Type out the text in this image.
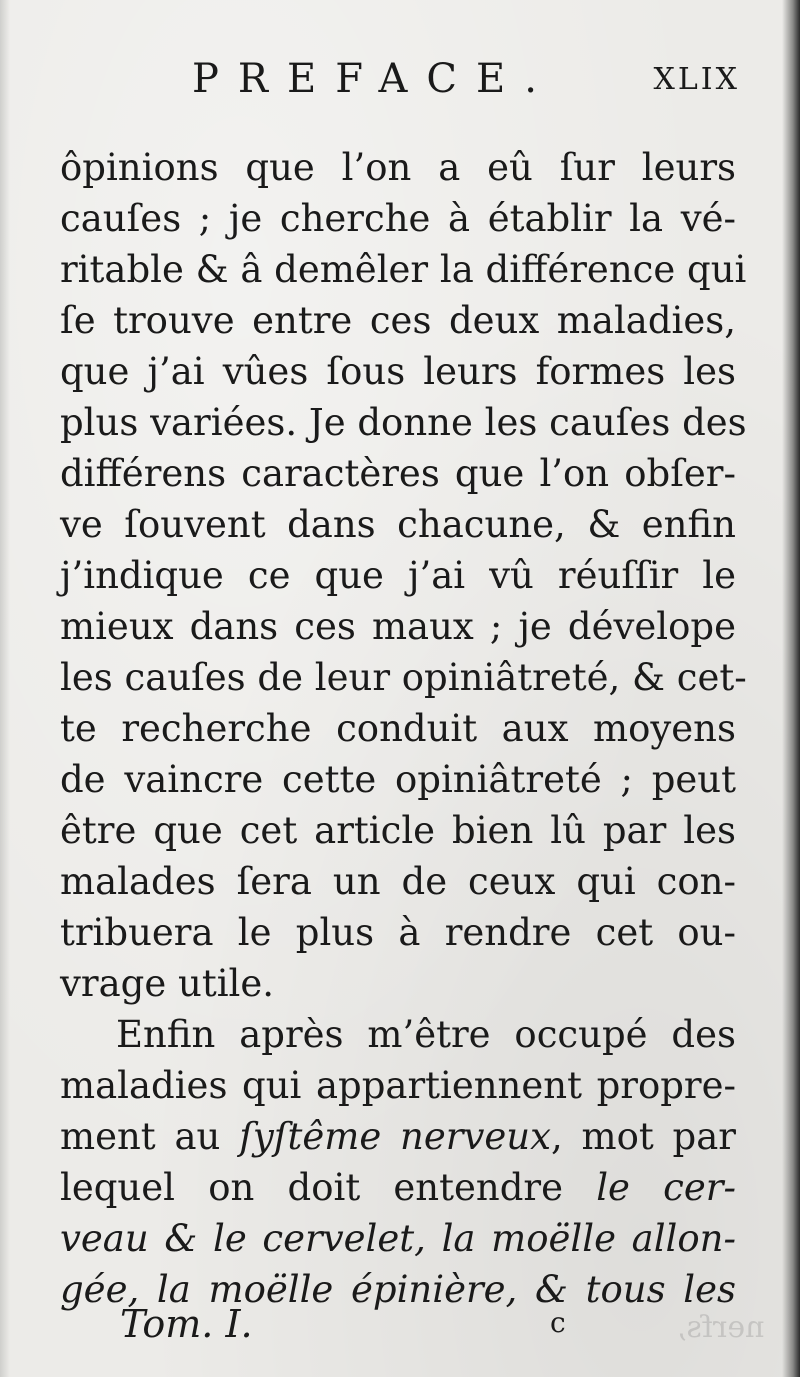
PREFACE.	XLIX
ôpinions que l’on a eû ſur leurs
cauſes ; je cherche à établir la vé-
ritable & â demêler la différence qui
ſe trouve entre ces deux maladies,
que j’ai vûes ſous leurs formes les
plus variées. Je donne les cauſes des
différens caractères que l’on obſer-
ve ſouvent dans chacune, & enfin
j’indique ce que j’ai vû réuſſir le
mieux dans ces maux ; je dévelope
les cauſes de leur opiniâtreté, & cet-
te recherche conduit aux moyens
de vaincre cette opiniâtreté ; peut
être que cet article bien lû par les
malades ſera un de ceux qui con-
tribuera le plus à rendre cet ou-
vrage utile.
Enfin après m’être occupé des
maladies qui appartiennent propre-
ment au ſyſtême nerveux, mot par
lequel on doit entendre le cer-
veau & le cervelet, la moëlle allon-
gée, la moëlle épinière, & tous les
Tom. I.	c	nerfs,
